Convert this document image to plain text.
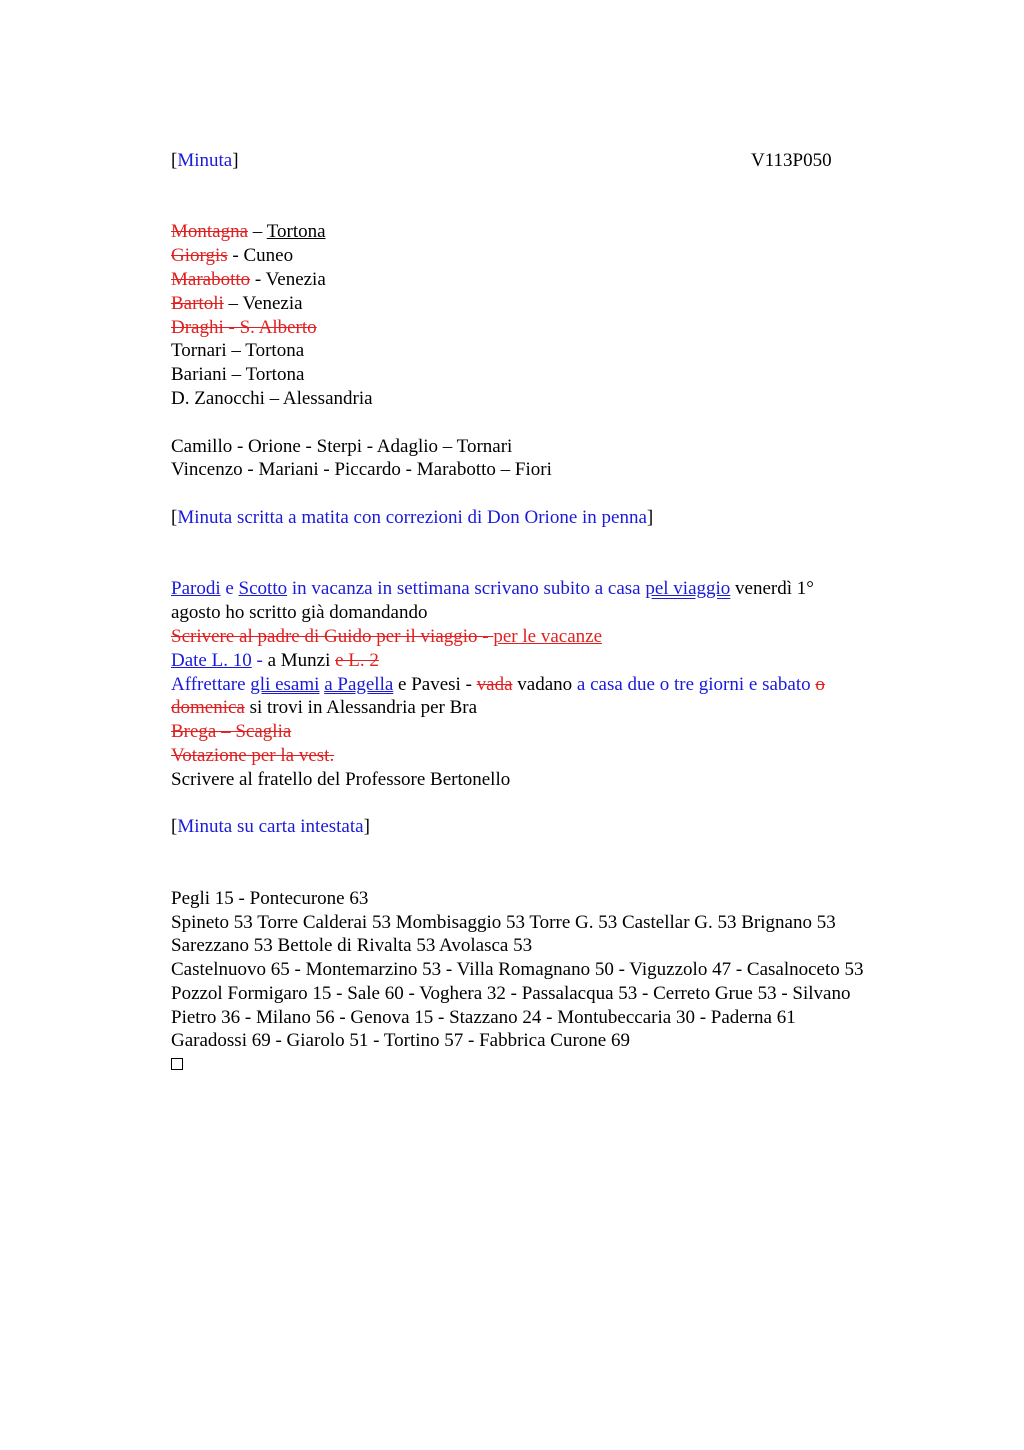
V113P050
[Minuta]
Montagna – Tortona
Giorgis - Cuneo
Marabotto - Venezia
Bartoli – Venezia
Draghi - S. Alberto
Tornari – Tortona
Bariani – Tortona
D. Zanocchi – Alessandria
Camillo - Orione - Sterpi - Adaglio – Tornari
Vincenzo - Mariani - Piccardo - Marabotto – Fiori
[Minuta scritta a matita con correzioni di Don Orione in penna]
Parodi e Scotto in vacanza in settimana scrivano subito a casa pel viaggio venerdì 1°
agosto ho scritto già domandando
Scrivere al padre di Guido per il viaggio - per le vacanze
Date L. 10 - a Munzi e L. 2
Affrettare gli esami a Pagella e Pavesi - vada vadano a casa due o tre giorni e sabato o
domenica si trovi in Alessandria per Bra
Brega – Scaglia
Votazione per la vest.
Scrivere al fratello del Professore Bertonello
[Minuta su carta intestata]
Pegli 15 - Pontecurone 63
Spineto 53 Torre Calderai 53 Mombisaggio 53 Torre G. 53 Castellar G. 53 Brignano 53
Sarezzano 53 Bettole di Rivalta 53 Avolasca 53
Castelnuovo 65 - Montemarzino 53 - Villa Romagnano 50 - Viguzzolo 47 - Casalnoceto 53
Pozzol Formigaro 15 - Sale 60 - Voghera 32 - Passalacqua 53 - Cerreto Grue 53 - Silvano
Pietro 36 - Milano 56 - Genova 15 - Stazzano 24 - Montubeccaria 30 - Paderna 61
Garadossi 69 - Giarolo 51 - Tortino 57 - Fabbrica Curone 69
